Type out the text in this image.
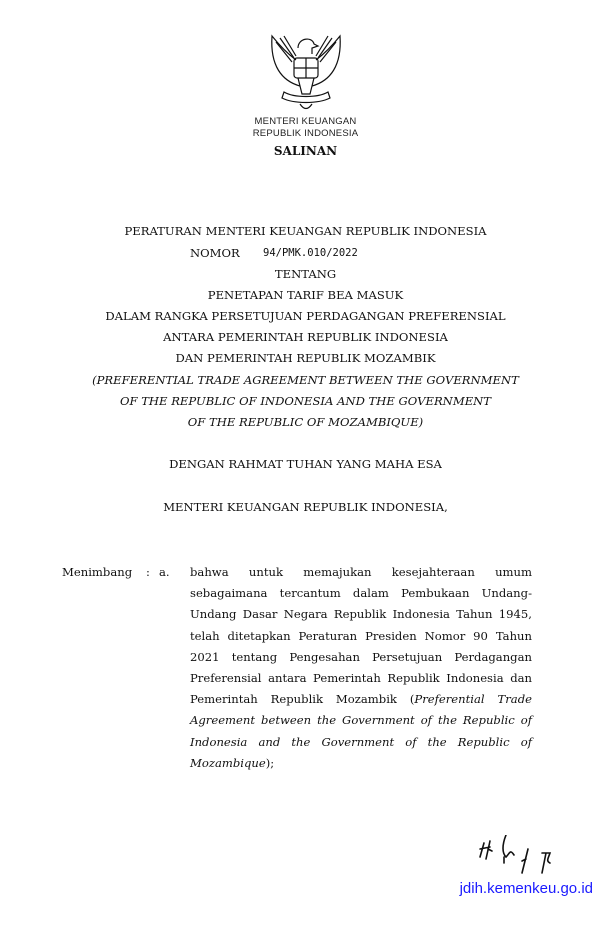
MENTERI KEUANGAN
REPUBLIK INDONESIA
SALINAN
PERATURAN MENTERI KEUANGAN REPUBLIK INDONESIA
NOMOR 94/PMK.010/2022
TENTANG
PENETAPAN TARIF BEA MASUK
DALAM RANGKA PERSETUJUAN PERDAGANGAN PREFERENSIAL
ANTARA PEMERINTAH REPUBLIK INDONESIA
DAN PEMERINTAH REPUBLIK MOZAMBIK
(PREFERENTIAL TRADE AGREEMENT BETWEEN THE GOVERNMENT
OF THE REPUBLIC OF INDONESIA AND THE GOVERNMENT
OF THE REPUBLIC OF MOZAMBIQUE)
DENGAN RAHMAT TUHAN YANG MAHA ESA
MENTERI KEUANGAN REPUBLIK INDONESIA,
Menimbang : a. bahwa untuk memajukan kesejahteraan umum
sebagaimana tercantum dalam Pembukaan Undang-
Undang Dasar Negara Republik Indonesia Tahun 1945,
telah ditetapkan Peraturan Presiden Nomor 90 Tahun
2021 tentang Pengesahan Persetujuan Perdagangan
Preferensial antara Pemerintah Republik Indonesia dan
Pemerintah Republik Mozambik (Preferential Trade
Agreement between the Government of the Republic of
Indonesia and the Government of the Republic of
Mozambique);
jdih.kemenkeu.go.id
